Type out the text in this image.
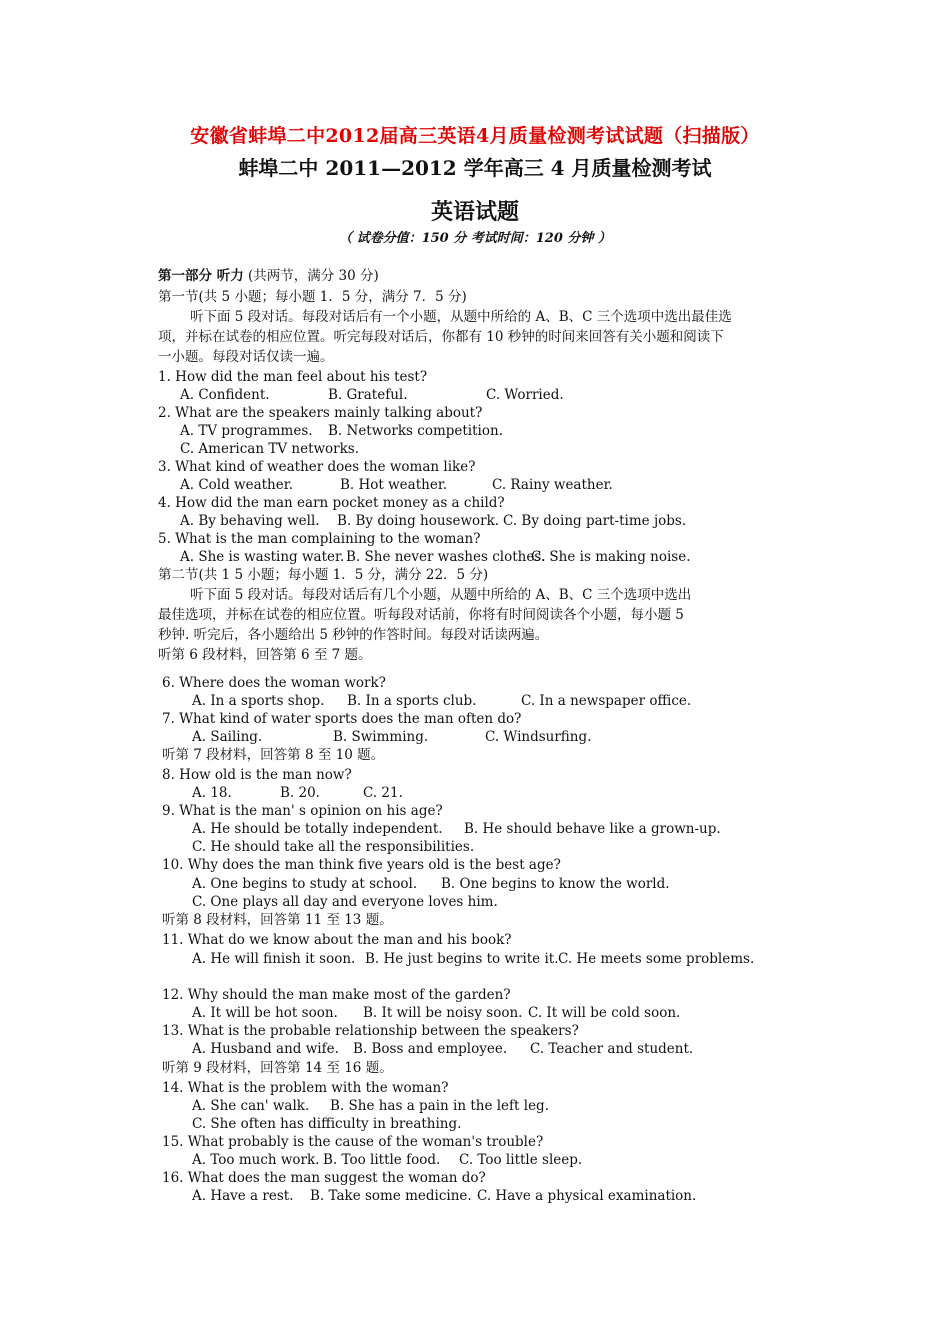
安徽省蚌埠二中2012届高三英语4月质量检测考试试题（扫描版）
蚌埠二中 2011—2012 学年高三 4 月质量检测考试
英语试题
（ 试卷分值：150 分 考试时间：120 分钟 ）
第一部分 听力 (共两节，满分 30 分)
第一节(共 5 小题；每小题 1．5 分，满分 7．5 分)
听下面 5 段对话。每段对话后有一个小题，从题中所给的 A、B、C 三个选项中选出最佳选
项，并标在试卷的相应位置。听完每段对话后，你都有 10 秒钟的时间来回答有关小题和阅读下
一小题。每段对话仅读一遍。
1. How did the man feel about his test?
A. Confident.	B. Grateful.	C. Worried.
2. What are the speakers mainly talking about?
A. TV programmes. B. Networks competition.
C. American TV networks.
3. What kind of weather does the woman like?
A. Cold weather.	B. Hot weather.	C. Rainy weather.
4. How did the man earn pocket money as a child?
A. By behaving well. B. By doing housework. C. By doing part-time jobs.
5. What is the man complaining to the woman?
A. She is wasting water. B. She never washes clothes.
C. She is making noise.
第二节(共 1 5 小题；每小题 1．5 分，满分 22．5 分)
听下面 5 段对话。每段对话后有几个小题，从题中所给的 A、B、C 三个选项中选出
最佳选项，并标在试卷的相应位置。听每段对话前，你将有时间阅读各个小题，每小题 5
秒钟. 听完后，各小题给出 5 秒钟的作答时间。每段对话读两遍。
听第 6 段材料，回答第 6 至 7 题。
6. Where does the woman work?
A. In a sports shop. B. In a sports club.	C. In a newspaper office.
7. What kind of water sports does the man often do?
A. Sailing.	B. Swimming.	C. Windsurfing.
听第 7 段材料，回答第 8 至 10 题。
8. How old is the man now?
A. 18.	B. 20.	C. 21.
9. What is the man' s opinion on his age?
A. He should be totally independent. B. He should behave like a grown-up.
C. He should take all the responsibilities.
10. Why does the man think five years old is the best age?
A. One begins to study at school. B. One begins to know the world.
C. One plays all day and everyone loves him.
听第 8 段材料，回答第 11 至 13 题。
11. What do we know about the man and his book?
A. He will finish it soon. B. He just begins to write it. C. He meets some problems.
12. Why should the man make most of the garden?
A. It will be hot soon. B. It will be noisy soon. C. It will be cold soon.
13. What is the probable relationship between the speakers?
A. Husband and wife. B. Boss and employee. C. Teacher and student.
听第 9 段材料，回答第 14 至 16 题。
14. What is the problem with the woman?
A. She can' walk. B. She has a pain in the left leg.
C. She often has difficulty in breathing.
15. What probably is the cause of the woman's trouble?
A. Too much work. B. Too little food. C. Too little sleep.
16. What does the man suggest the woman do?
A. Have a rest. B. Take some medicine. C. Have a physical examination.
